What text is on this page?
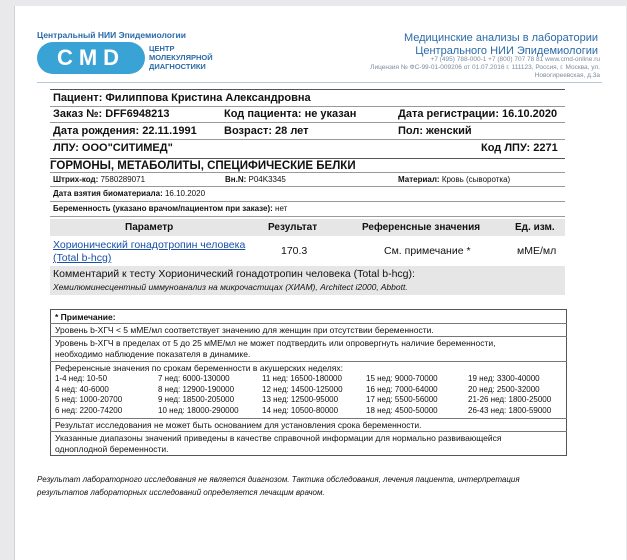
Центральный НИИ Эпидемиологии
CMD	ЦЕНТР
МОЛЕКУЛЯРНОЙ
ДИАГНОСТИКИ
Медицинские анализы в лаборатории
Центрального НИИ Эпидемиологии
+7 (495) 788-000-1 +7 (800) 707 78 81 www.cmd-online.ru
Лицензия № ФС-99-01-009206 от 01.07.2016 г. 111123, Россия, г. Москва, ул. Новогиреевская, д.3а
Пациент: Филиппова Кристина Александровна
Заказ №: DFF6948213	Код пациента: не указан	Дата регистрации: 16.10.2020
Дата рождения: 22.11.1991 Возраст: 28 лет	Пол: женский
ЛПУ: ООО"СИТИМЕД"	Код ЛПУ: 2271
ГОРМОНЫ, МЕТАБОЛИТЫ, СПЕЦИФИЧЕСКИЕ БЕЛКИ
Штрих-код: 7580289071	Вн.N: P04K3345	Материал: Кровь (сыворотка)
Дата взятия биоматериала: 16.10.2020
Беременность (указано врачом/пациентом при заказе): нет
Параметр	Результат	Референсные значения	Ед. изм.
Хорионический гонадотропин человека
(Total b-hcg)
170.3	См. примечание *	мМЕ/мл
Комментарий к тесту Хорионический гонадотропин человека (Total b-hcg):
Хемилюминесцентный иммуноанализ на микрочастицах (ХИАМ), Architect i2000, Abbott.
* Примечание:
Уровень b-ХГЧ < 5 мМЕ/мл соответствует значению для женщин при отсутствии беременности.
Уровень b-ХГЧ в пределах от 5 до 25 мМЕ/мл не может подтвердить или опровергнуть наличие беременности,
необходимо наблюдение показателя в динамике.
Референсные значения по срокам беременности в акушерских неделях:
1-4 нед: 10-50	7 нед: 6000-130000	11 нед: 16500-180000	15 нед: 9000-70000	19 нед: 3300-40000
4 нед: 40-6000	8 нед: 12900-190000	12 нед: 14500-125000	16 нед: 7000-64000	20 нед: 2500-32000
5 нед: 1000-20700	9 нед: 18500-205000	13 нед: 12500-95000	17 нед: 5500-56000	21-26 нед: 1800-25000
6 нед: 2200-74200	10 нед: 18000-290000	14 нед: 10500-80000	18 нед: 4500-50000	26-43 нед: 1800-59000
Результат исследования не может быть основанием для установления срока беременности.
Указанные диапазоны значений приведены в качестве справочной информации для нормально развивающейся
одноплодной беременности.
Результат лабораторного исследования не является диагнозом. Тактика обследования, лечения пациента, интерпретация
результатов лабораторных исследований определяется лечащим врачом.
